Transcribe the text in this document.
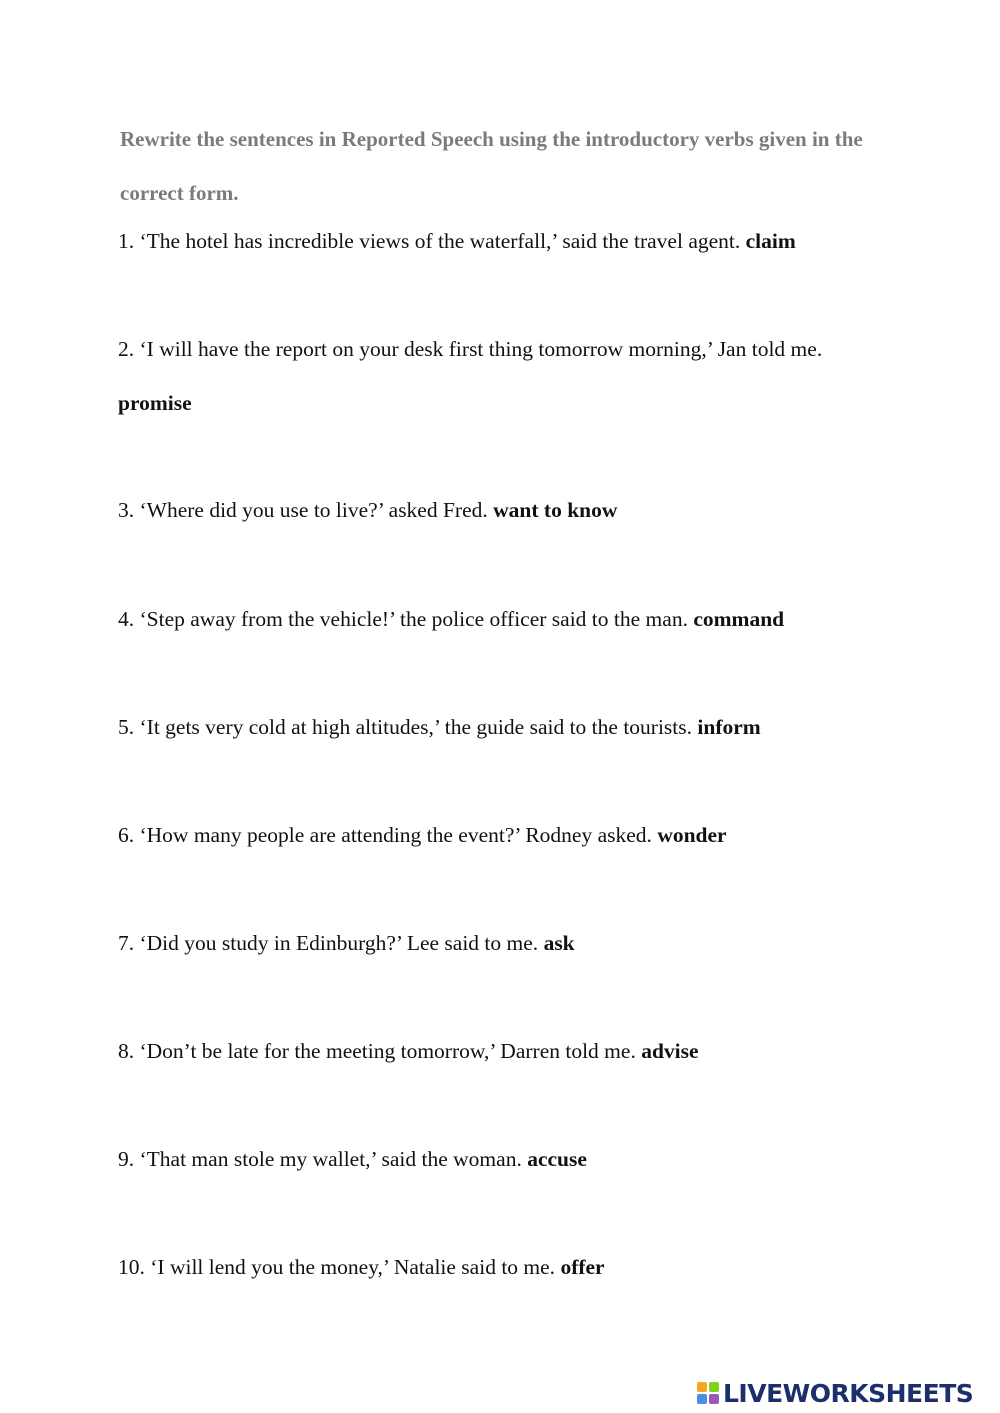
Rewrite the sentences in Reported Speech using the introductory verbs given in the correct form.
1. ‘The hotel has incredible views of the waterfall,’ said the travel agent. claim
2. ‘I will have the report on your desk first thing tomorrow morning,’ Jan told me. promise
3. ‘Where did you use to live?’ asked Fred. want to know
4. ‘Step away from the vehicle!’ the police officer said to the man. command
5. ‘It gets very cold at high altitudes,’ the guide said to the tourists. inform
6. ‘How many people are attending the event?’ Rodney asked. wonder
7. ‘Did you study in Edinburgh?’ Lee said to me. ask
8. ‘Don’t be late for the meeting tomorrow,’ Darren told me. advise
9. ‘That man stole my wallet,’ said the woman. accuse
10. ‘I will lend you the money,’ Natalie said to me. offer
LIVEWORKSHEETS
